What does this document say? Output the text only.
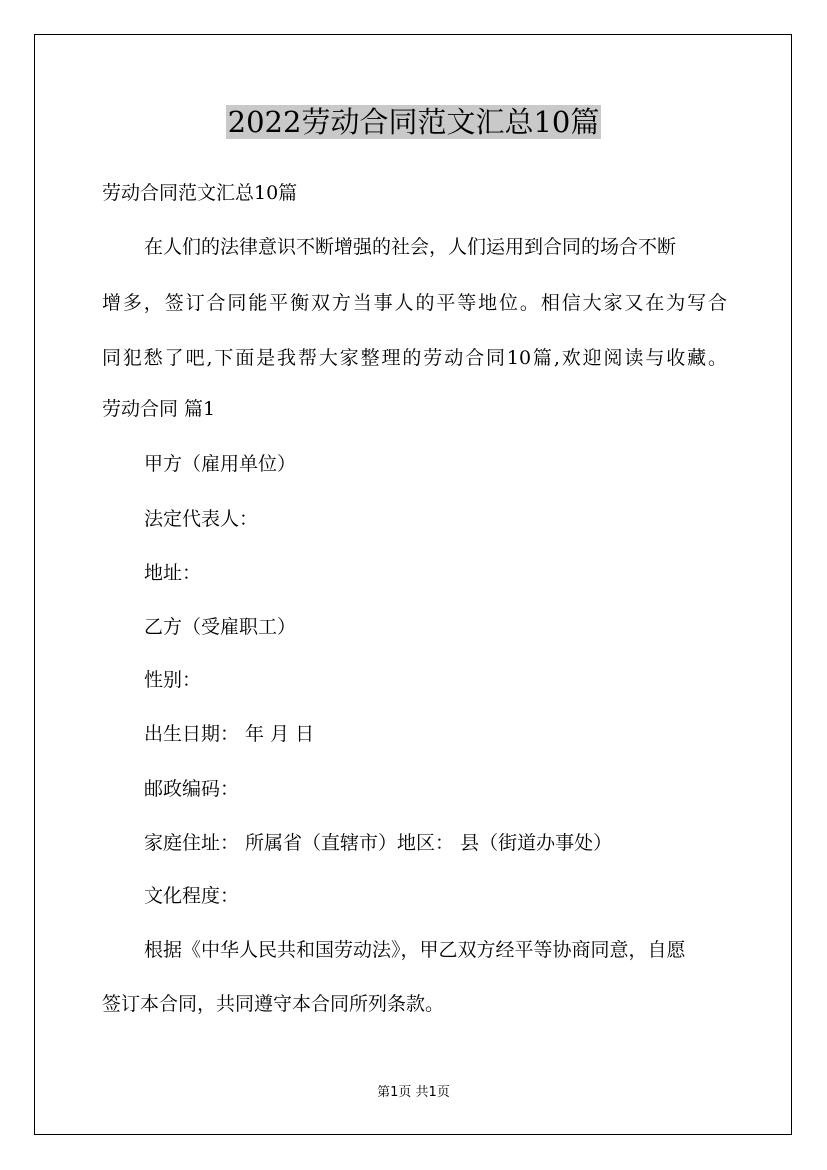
2022劳动合同范文汇总10篇
劳动合同范文汇总10篇
在人们的法律意识不断增强的社会，人们运用到合同的场合不断
增多，签订合同能平衡双方当事人的平等地位。相信大家又在为写合
同犯愁了吧,下面是我帮大家整理的劳动合同10篇,欢迎阅读与收藏。
劳动合同 篇1
甲方（雇用单位）
法定代表人：
地址：
乙方（受雇职工）
性别：
出生日期： 年 月 日
邮政编码：
家庭住址： 所属省（直辖市）地区： 县（街道办事处）
文化程度：
根据《中华人民共和国劳动法》，甲乙双方经平等协商同意，自愿
签订本合同，共同遵守本合同所列条款。
第1页 共1页
